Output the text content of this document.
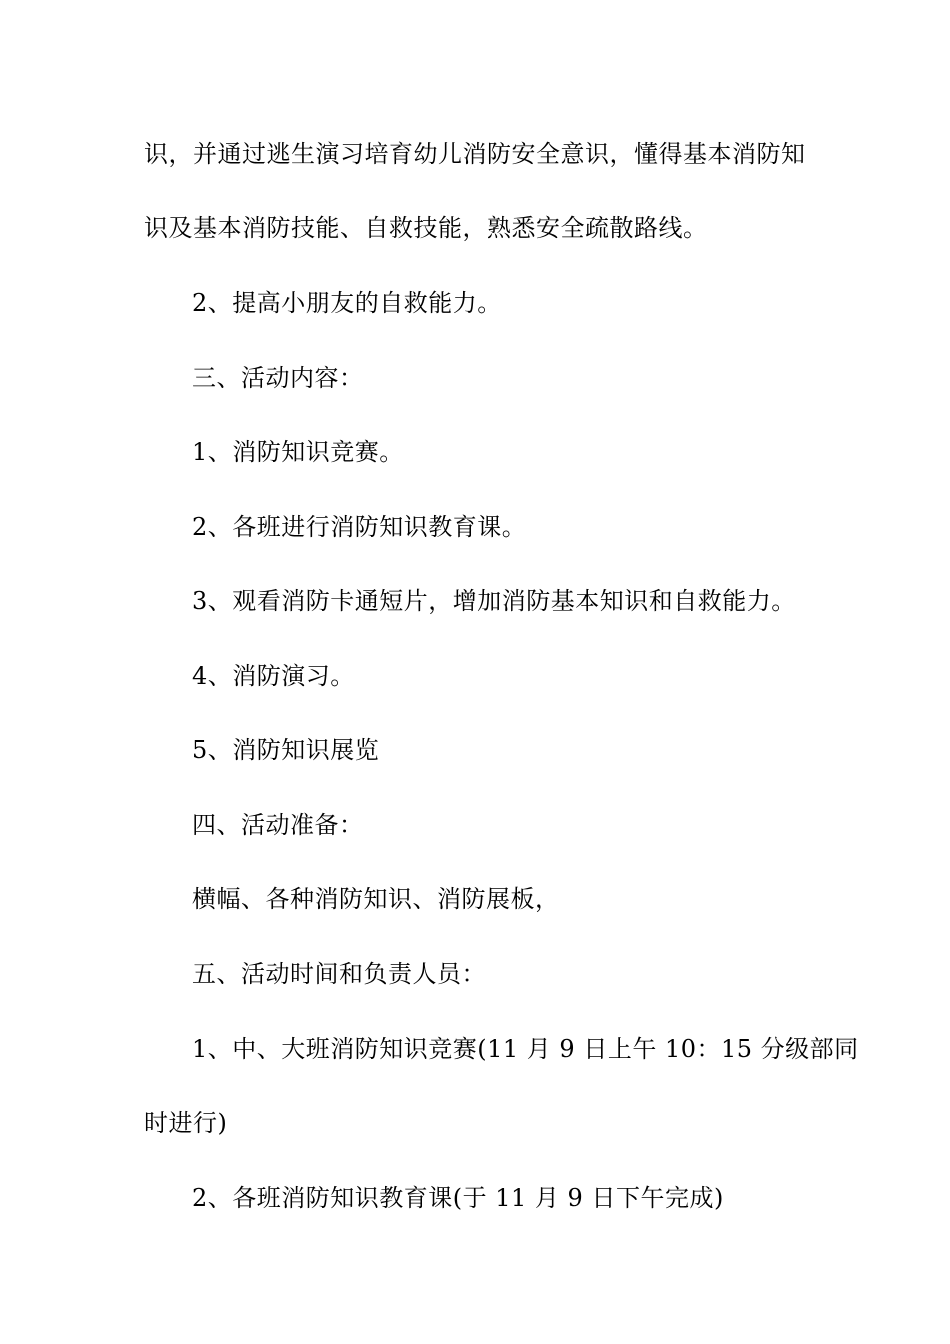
识，并通过逃生演习培育幼儿消防安全意识，懂得基本消防知
识及基本消防技能、自救技能，熟悉安全疏散路线。
2、提高小朋友的自救能力。
三、活动内容：
1、消防知识竞赛。
2、各班进行消防知识教育课。
3、观看消防卡通短片，增加消防基本知识和自救能力。
4、消防演习。
5、消防知识展览
四、活动准备：
横幅、各种消防知识、消防展板，
五、活动时间和负责人员：
1、中、大班消防知识竞赛(11 月 9 日上午 10：15 分级部同
时进行)
2、各班消防知识教育课(于 11 月 9 日下午完成)
